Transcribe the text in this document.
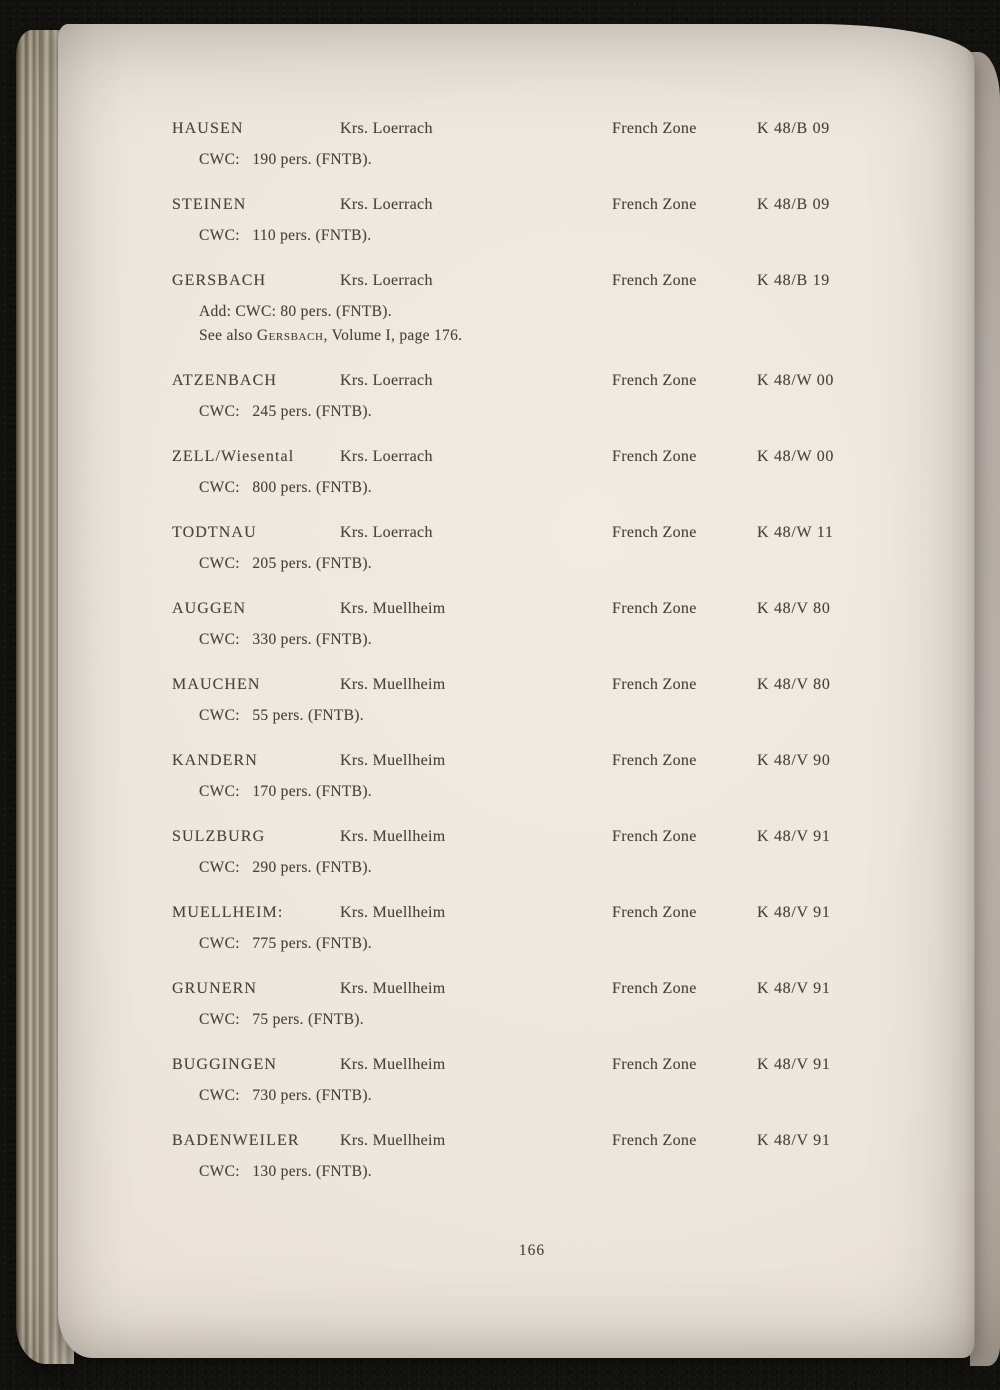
HAUSEN	Krs. Loerrach	French Zone	K 48/B 09
CWC:   190 pers. (FNTB).
STEINEN	Krs. Loerrach	French Zone	K 48/B 09
CWC:   110 pers. (FNTB).
GERSBACH	Krs. Loerrach	French Zone	K 48/B 19
Add: CWC: 80 pers. (FNTB).
See also Gersbach, Volume I, page 176.
ATZENBACH	Krs. Loerrach	French Zone	K 48/W 00
CWC:   245 pers. (FNTB).
ZELL/Wiesental	Krs. Loerrach	French Zone	K 48/W 00
CWC:   800 pers. (FNTB).
TODTNAU	Krs. Loerrach	French Zone	K 48/W 11
CWC:   205 pers. (FNTB).
AUGGEN	Krs. Muellheim	French Zone	K 48/V 80
CWC:   330 pers. (FNTB).
MAUCHEN	Krs. Muellheim	French Zone	K 48/V 80
CWC:   55 pers. (FNTB).
KANDERN	Krs. Muellheim	French Zone	K 48/V 90
CWC:   170 pers. (FNTB).
SULZBURG	Krs. Muellheim	French Zone	K 48/V 91
CWC:   290 pers. (FNTB).
MUELLHEIM:	Krs. Muellheim	French Zone	K 48/V 91
CWC:   775 pers. (FNTB).
GRUNERN	Krs. Muellheim	French Zone	K 48/V 91
CWC:   75 pers. (FNTB).
BUGGINGEN	Krs. Muellheim	French Zone	K 48/V 91
CWC:   730 pers. (FNTB).
BADENWEILER	Krs. Muellheim	French Zone	K 48/V 91
CWC:   130 pers. (FNTB).
166
